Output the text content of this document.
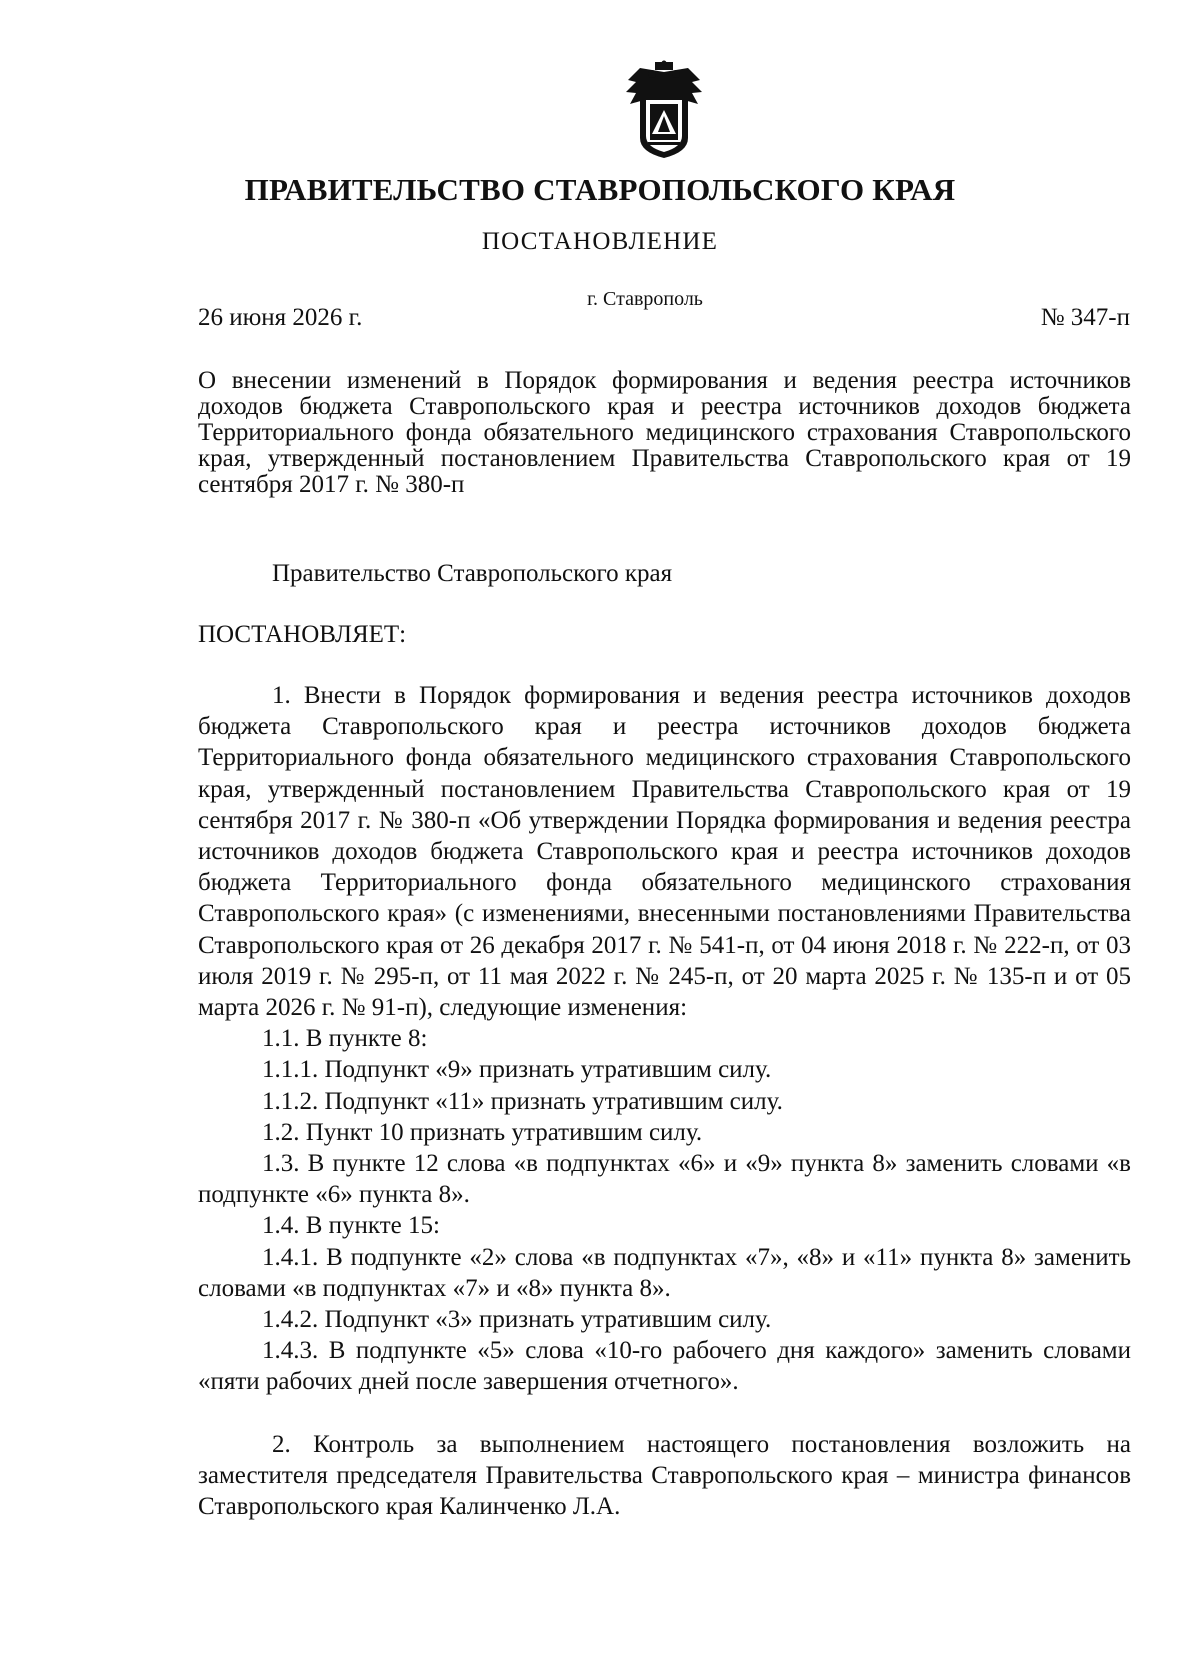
ПРАВИТЕЛЬСТВО СТАВРОПОЛЬСКОГО КРАЯ
ПОСТАНОВЛЕНИЕ
г. Ставрополь
26 июня 2026 г.	№ 347-п
О внесении изменений в Порядок формирования и ведения реестра источников доходов бюджета Ставропольского края и реестра источников доходов бюджета Территориального фонда обязательного медицинского страхования Ставропольского края, утвержденный постановлением Правительства Ставропольского края от 19 сентября 2017 г. № 380-п
Правительство Ставропольского края
ПОСТАНОВЛЯЕТ:

1. Внести в Порядок формирования и ведения реестра источников доходов бюджета Ставропольского края и реестра источников доходов бюджета Территориального фонда обязательного медицинского страхования Ставропольского края, утвержденный постановлением Правительства Ставропольского края от 19 сентября 2017 г. № 380-п «Об утверждении Порядка формирования и ведения реестра источников доходов бюджета Ставропольского края и реестра источников доходов бюджета Территориального фонда обязательного медицинского страхования Ставропольского края» (с изменениями, внесенными постановлениями Правительства Ставропольского края от 26 декабря 2017 г. № 541-п, от 04 июня 2018 г. № 222-п, от 03 июля 2019 г. № 295-п, от 11 мая 2022 г. № 245-п, от 20 марта 2025 г. № 135-п и от 05 марта 2026 г. № 91-п), следующие изменения:

1.1. В пункте 8:

1.1.1. Подпункт «9» признать утратившим силу.

1.1.2. Подпункт «11» признать утратившим силу.

1.2. Пункт 10 признать утратившим силу.

1.3. В пункте 12 слова «в подпунктах «6» и «9» пункта 8» заменить словами «в подпункте «6» пункта 8».

1.4. В пункте 15:

1.4.1. В подпункте «2» слова «в подпунктах «7», «8» и «11» пункта 8» заменить словами «в подпунктах «7» и «8» пункта 8».

1.4.2. Подпункт «3» признать утратившим силу.

1.4.3. В подпункте «5» слова «10-го рабочего дня каждого» заменить словами «пяти рабочих дней после завершения отчетного».

2. Контроль за выполнением настоящего постановления возложить на заместителя председателя Правительства Ставропольского края – министра финансов Ставропольского края Калинченко Л.А.
